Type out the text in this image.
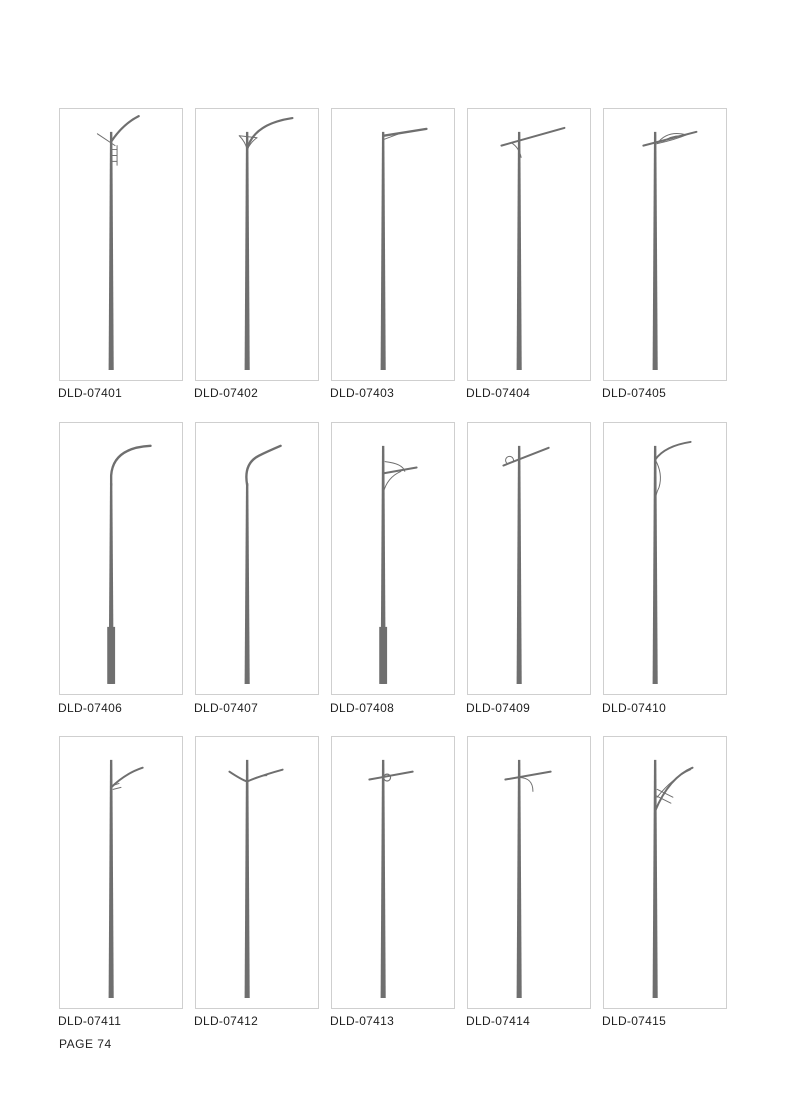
DLD-07401	DLD-07402	DLD-07403	DLD-07404	DLD-07405
DLD-07406	DLD-07407	DLD-07408	DLD-07409	DLD-07410
DLD-07411	DLD-07412	DLD-07413	DLD-07414	DLD-07415
PAGE 74
